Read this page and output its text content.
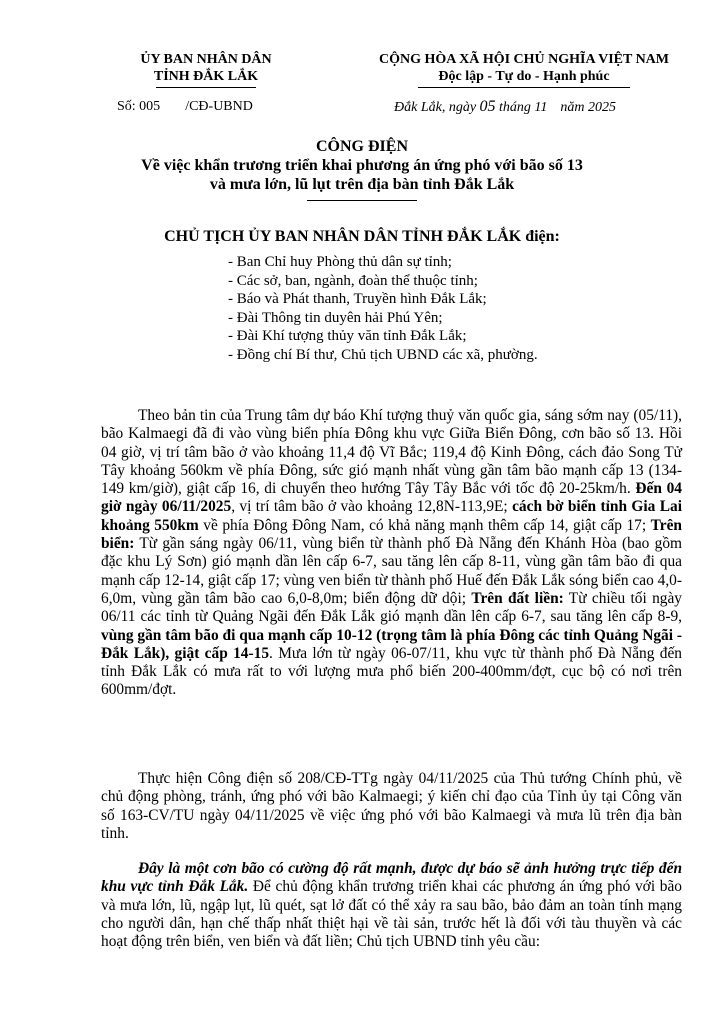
ỦY BAN NHÂN DÂN
TỈNH ĐẮK LẮK
CỘNG HÒA XÃ HỘI CHỦ NGHĨA VIỆT NAM
Độc lập - Tự do - Hạnh phúc
Số: 005 /CĐ-UBND	Đắk Lắk, ngày 05 tháng 11 năm 2025
CÔNG ĐIỆN
Về việc khẩn trương triển khai phương án ứng phó với bão số 13
và mưa lớn, lũ lụt trên địa bàn tỉnh Đắk Lắk
CHỦ TỊCH ỦY BAN NHÂN DÂN TỈNH ĐẮK LẮK điện:
- Ban Chỉ huy Phòng thủ dân sự tỉnh;
- Các sở, ban, ngành, đoàn thể thuộc tỉnh;
- Báo và Phát thanh, Truyền hình Đắk Lắk;
- Đài Thông tin duyên hải Phú Yên;
- Đài Khí tượng thủy văn tỉnh Đắk Lắk;
- Đồng chí Bí thư, Chủ tịch UBND các xã, phường.

Theo bản tin của Trung tâm dự báo Khí tượng thuỷ văn quốc gia, sáng sớm nay (05/11), bão Kalmaegi đã đi vào vùng biển phía Đông khu vực Giữa Biển Đông, cơn bão số 13. Hồi 04 giờ, vị trí tâm bão ở vào khoảng 11,4 độ Vĩ Bắc; 119,4 độ Kinh Đông, cách đảo Song Tử Tây khoảng 560km về phía Đông, sức gió mạnh nhất vùng gần tâm bão mạnh cấp 13 (134-149 km/giờ), giật cấp 16, di chuyển theo hướng Tây Tây Bắc với tốc độ 20-25km/h. Đến 04 giờ ngày 06/11/2025, vị trí tâm bão ở vào khoảng 12,8N-113,9E; cách bờ biển tỉnh Gia Lai khoảng 550km về phía Đông Đông Nam, có khả năng mạnh thêm cấp 14, giật cấp 17; Trên biển: Từ gần sáng ngày 06/11, vùng biển từ thành phố Đà Nẵng đến Khánh Hòa (bao gồm đặc khu Lý Sơn) gió mạnh dần lên cấp 6-7, sau tăng lên cấp 8-11, vùng gần tâm bão đi qua mạnh cấp 12-14, giật cấp 17; vùng ven biển từ thành phố Huế đến Đắk Lắk sóng biển cao 4,0-6,0m, vùng gần tâm bão cao 6,0-8,0m; biển động dữ dội; Trên đất liền: Từ chiều tối ngày 06/11 các tỉnh từ Quảng Ngãi đến Đắk Lắk gió mạnh dần lên cấp 6-7, sau tăng lên cấp 8-9, vùng gần tâm bão đi qua mạnh cấp 10-12 (trọng tâm là phía Đông các tỉnh Quảng Ngãi - Đắk Lắk), giật cấp 14-15. Mưa lớn từ ngày 06-07/11, khu vực từ thành phố Đà Nẵng đến tỉnh Đắk Lắk có mưa rất to với lượng mưa phổ biến 200-400mm/đợt, cục bộ có nơi trên 600mm/đợt.

Thực hiện Công điện số 208/CĐ-TTg ngày 04/11/2025 của Thủ tướng Chính phủ, về chủ động phòng, tránh, ứng phó với bão Kalmaegi; ý kiến chỉ đạo của Tỉnh ủy tại Công văn số 163-CV/TU ngày 04/11/2025 về việc ứng phó với bão Kalmaegi và mưa lũ trên địa bàn tỉnh.

Đây là một cơn bão có cường độ rất mạnh, được dự báo sẽ ảnh hưởng trực tiếp đến khu vực tỉnh Đắk Lắk. Để chủ động khẩn trương triển khai các phương án ứng phó với bão và mưa lớn, lũ, ngập lụt, lũ quét, sạt lở đất có thể xảy ra sau bão, bảo đảm an toàn tính mạng cho người dân, hạn chế thấp nhất thiệt hại về tài sản, trước hết là đối với tàu thuyền và các hoạt động trên biển, ven biển và đất liền; Chủ tịch UBND tỉnh yêu cầu:
